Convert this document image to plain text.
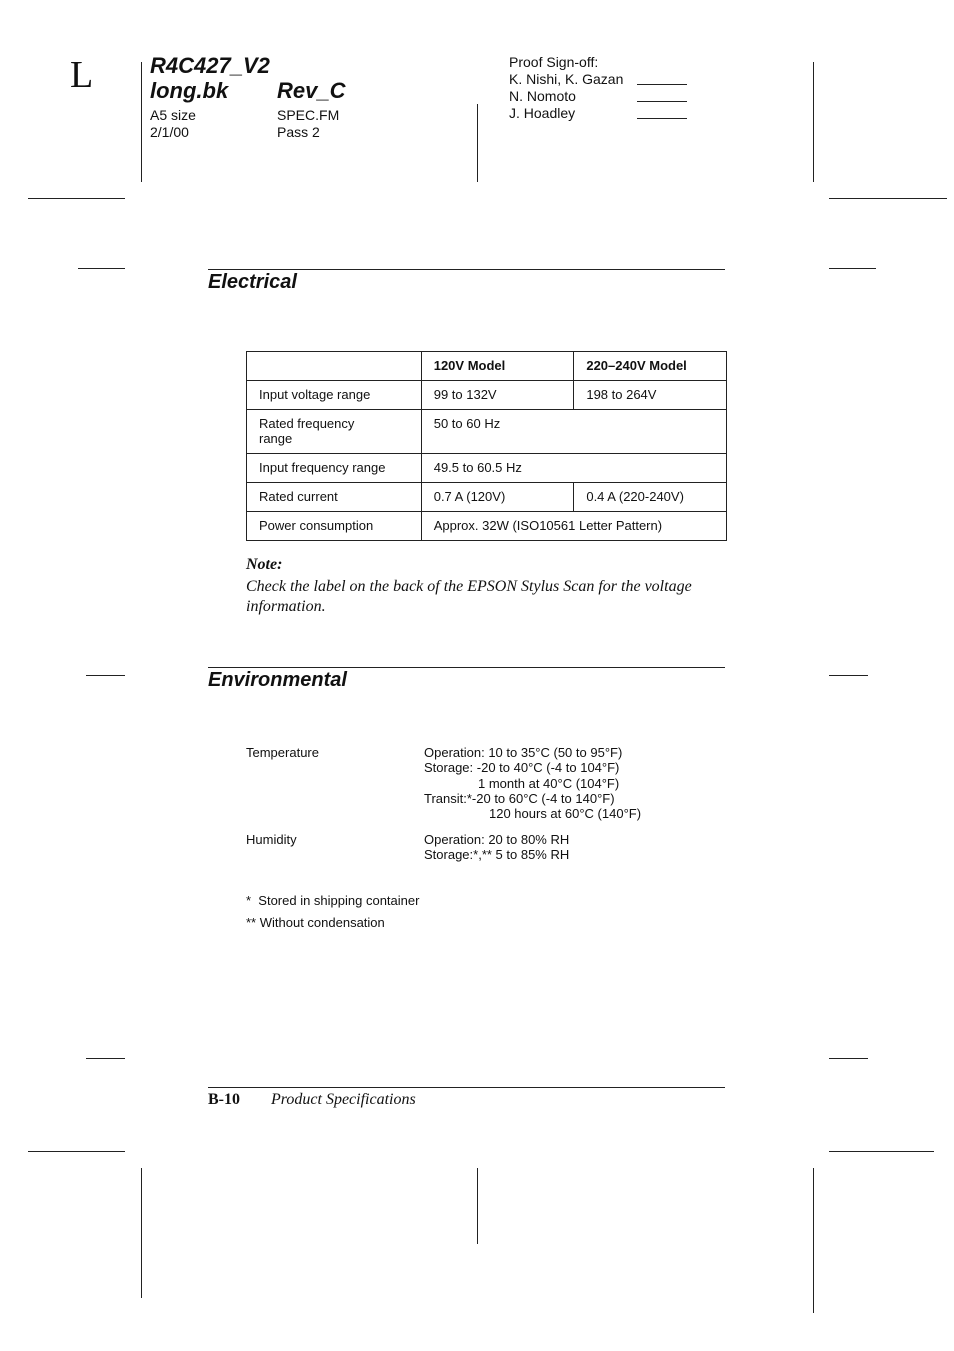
L	R4C427_V2
long.bk Rev_C
A5 size
2/1/00
SPEC.FM
Pass 2
Proof Sign-off:
K. Nishi, K. Gazan
N. Nomoto
J. Hoadley
Electrical
	120V Model	220–240V Model
Input voltage range	99 to 132V	198 to 264V
Rated frequency range	50 to 60 Hz	
Input frequency range	49.5 to 60.5 Hz	
Rated current	0.7 A (120V)	0.4 A (220-240V)
Power consumption	Approx. 32W (ISO10561 Letter Pattern)	
Note:
Check the label on the back of the EPSON Stylus Scan for the voltage information.
Environmental
Temperature	Operation: 10 to 35°C (50 to 95°F)
Storage: -20 to 40°C (-4 to 104°F)
1 month at 40°C (104°F)
Transit:*-20 to 60°C (-4 to 140°F)
120 hours at 60°C (140°F)
Humidity	Operation: 20 to 80% RH
Storage:*,** 5 to 85% RH
*  Stored in shipping container
** Without condensation
B-10 Product Specifications
